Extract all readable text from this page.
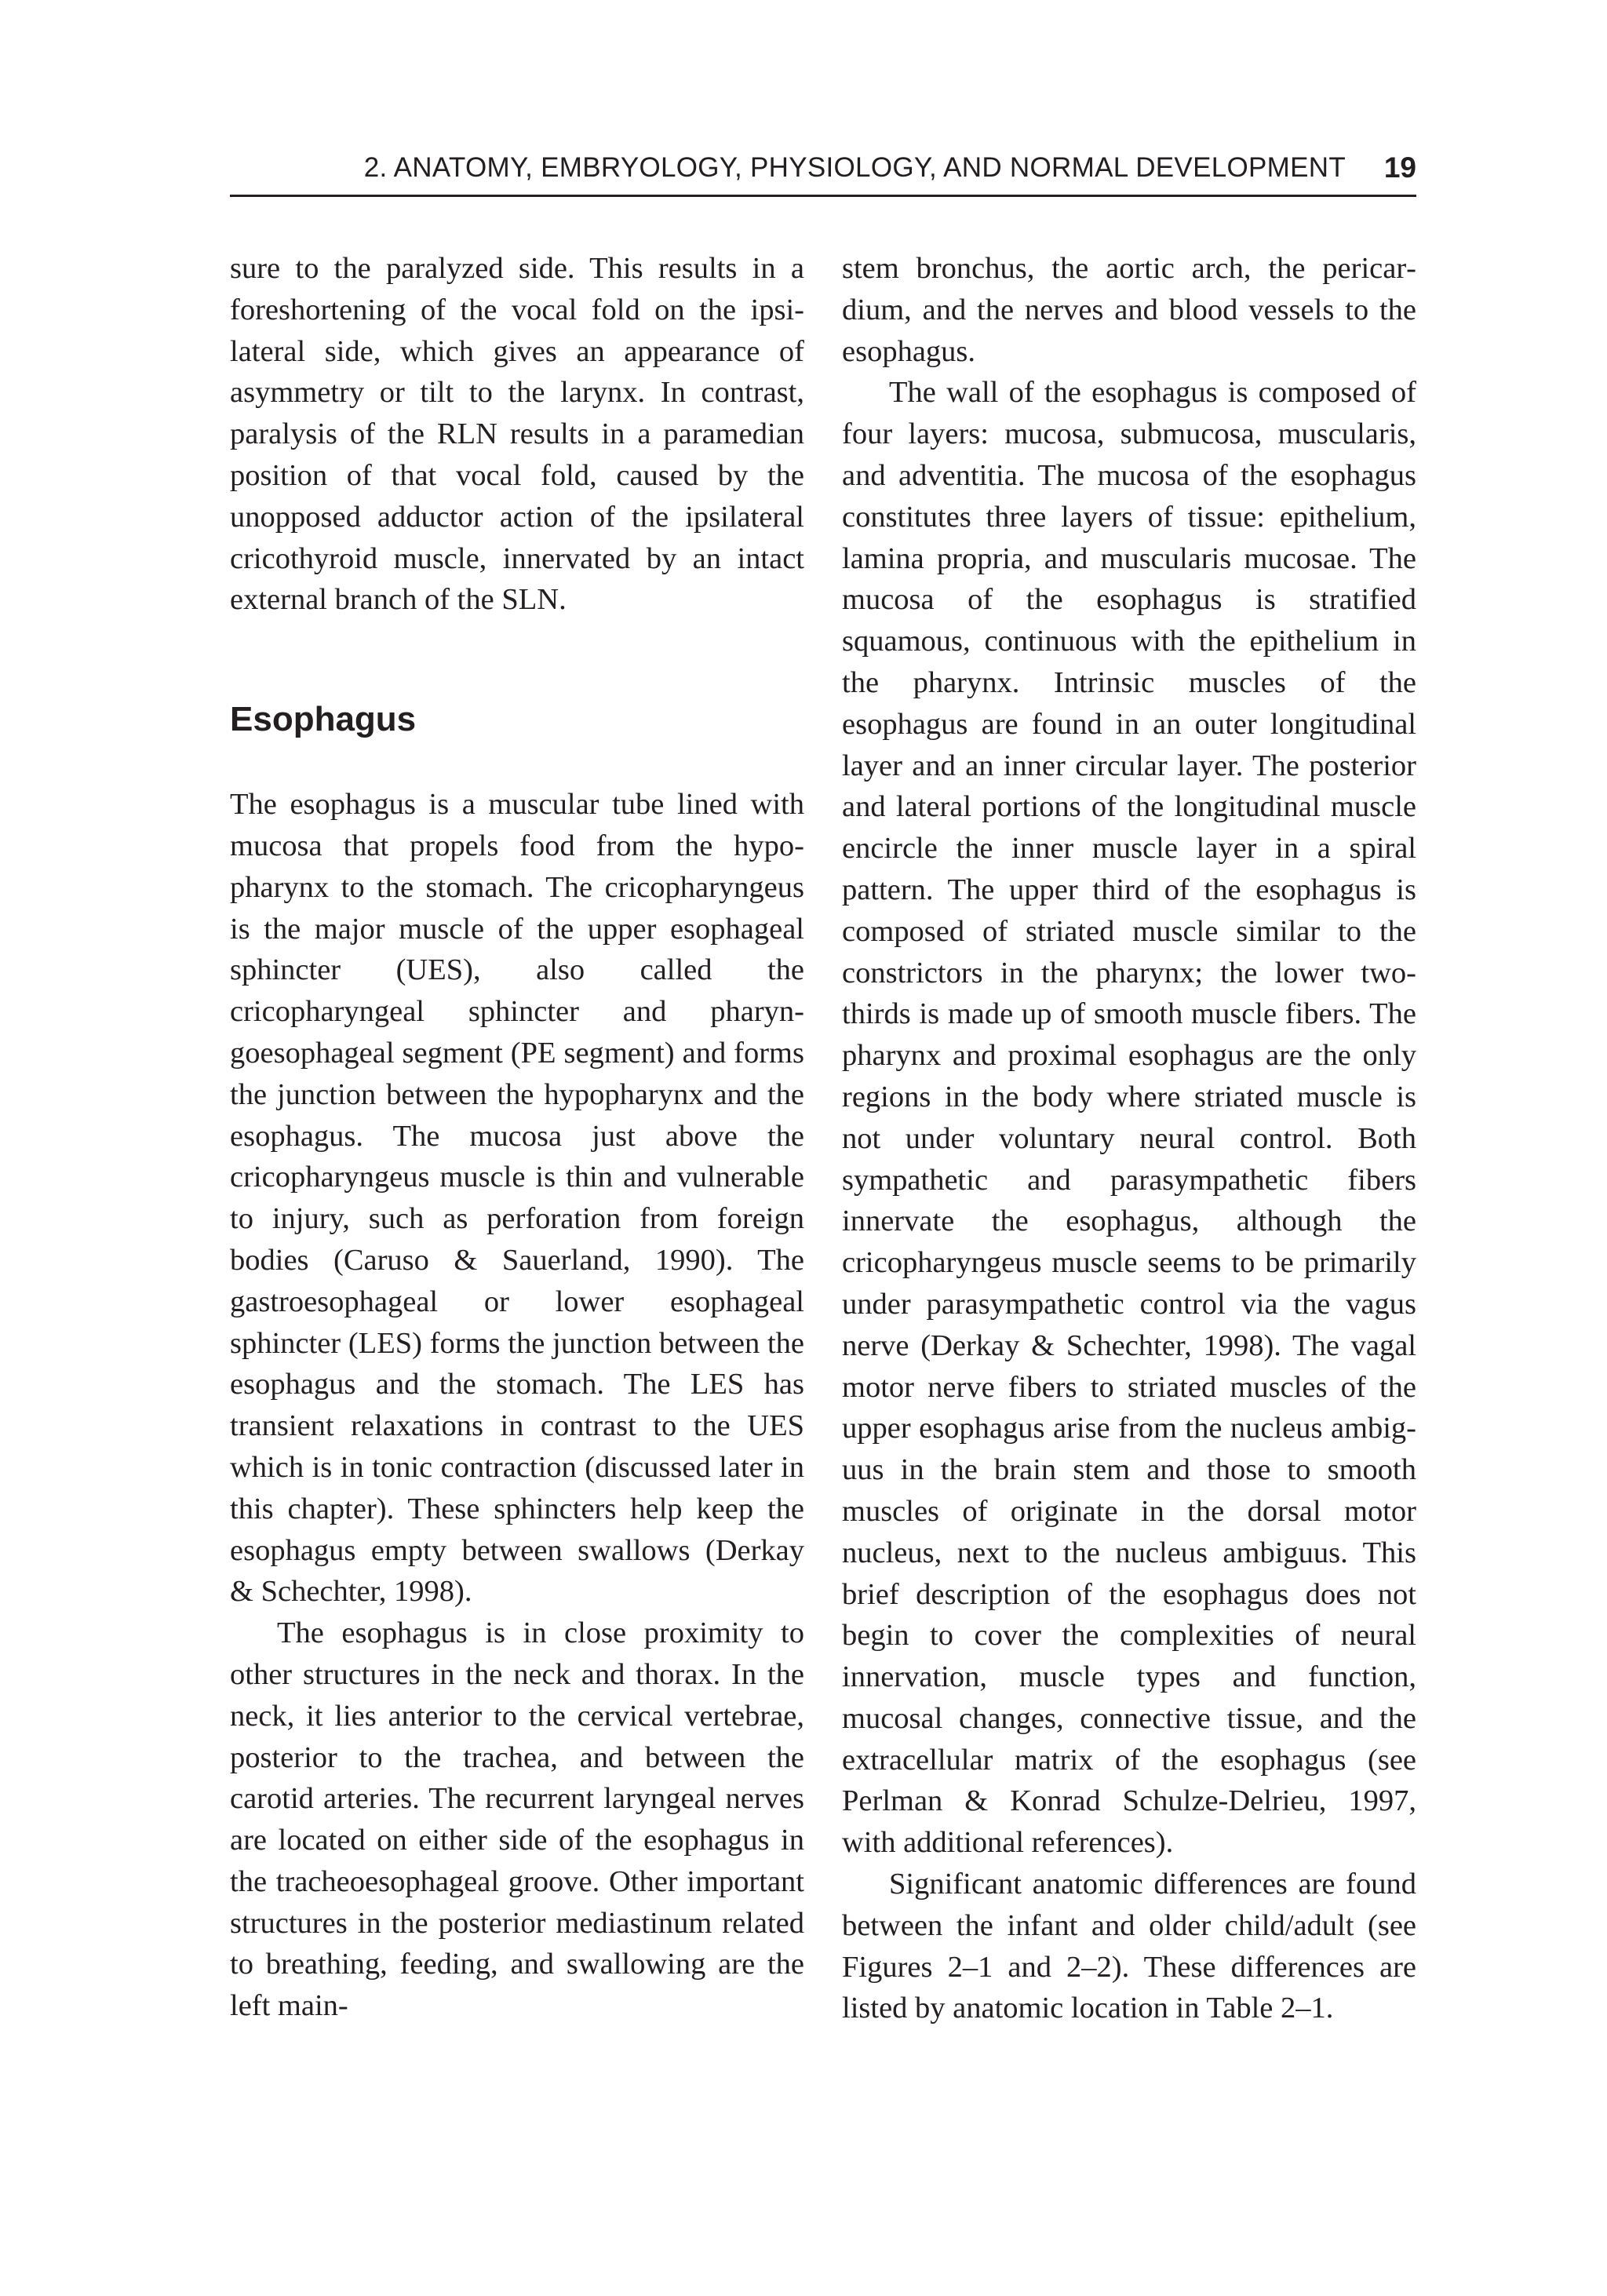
2. ANATOMY, EMBRYOLOGY, PHYSIOLOGY, AND NORMAL DEVELOPMENT 19

sure to the paralyzed side. This results in a foreshortening of the vocal fold on the ipsilateral side, which gives an appearance of asymmetry or tilt to the larynx. In contrast, paralysis of the RLN results in a paramedian position of that vocal fold, caused by the unopposed adductor action of the ipsilateral cricothyroid muscle, innervated by an intact external branch of the SLN.

Esophagus

The esophagus is a muscular tube lined with mucosa that propels food from the hypopharynx to the stomach. The cricopharyngeus is the major muscle of the upper esophageal sphincter (UES), also called the cricopharyngeal sphincter and pharyngoesophageal segment (PE segment) and forms the junction between the hypopharynx and the esophagus. The mucosa just above the cricopharyngeus muscle is thin and vulnerable to injury, such as perforation from foreign bodies (Caruso & Sauerland, 1990). The gastroesophageal or lower esophageal sphincter (LES) forms the junction between the esophagus and the stomach. The LES has transient relaxations in contrast to the UES which is in tonic contraction (discussed later in this chapter). These sphincters help keep the esophagus empty between swallows (Derkay & Schechter, 1998).

The esophagus is in close proximity to other structures in the neck and thorax. In the neck, it lies anterior to the cervical vertebrae, posterior to the trachea, and between the carotid arteries. The recurrent laryngeal nerves are located on either side of the esophagus in the tracheoesophageal groove. Other important structures in the posterior mediastinum related to breathing, feeding, and swallowing are the left main-

stem bronchus, the aortic arch, the pericardium, and the nerves and blood vessels to the esophagus.

The wall of the esophagus is composed of four layers: mucosa, submucosa, muscularis, and adventitia. The mucosa of the esophagus constitutes three layers of tissue: epithelium, lamina propria, and muscularis mucosae. The mucosa of the esophagus is stratified squamous, continuous with the epithelium in the pharynx. Intrinsic muscles of the esophagus are found in an outer longitudinal layer and an inner circular layer. The posterior and lateral portions of the longitudinal muscle encircle the inner muscle layer in a spiral pattern. The upper third of the esophagus is composed of striated muscle similar to the constrictors in the pharynx; the lower two-thirds is made up of smooth muscle fibers. The pharynx and proximal esophagus are the only regions in the body where striated muscle is not under voluntary neural control. Both sympathetic and parasympathetic fibers innervate the esophagus, although the cricopharyngeus muscle seems to be primarily under parasympathetic control via the vagus nerve (Derkay & Schechter, 1998). The vagal motor nerve fibers to striated muscles of the upper esophagus arise from the nucleus ambiguus in the brain stem and those to smooth muscles of originate in the dorsal motor nucleus, next to the nucleus ambiguus. This brief description of the esophagus does not begin to cover the complexities of neural innervation, muscle types and function, mucosal changes, connective tissue, and the extracellular matrix of the esophagus (see Perlman & Konrad Schulze-Delrieu, 1997, with additional references).

Significant anatomic differences are found between the infant and older child/adult (see Figures 2–1 and 2–2). These differences are listed by anatomic location in Table 2–1.
